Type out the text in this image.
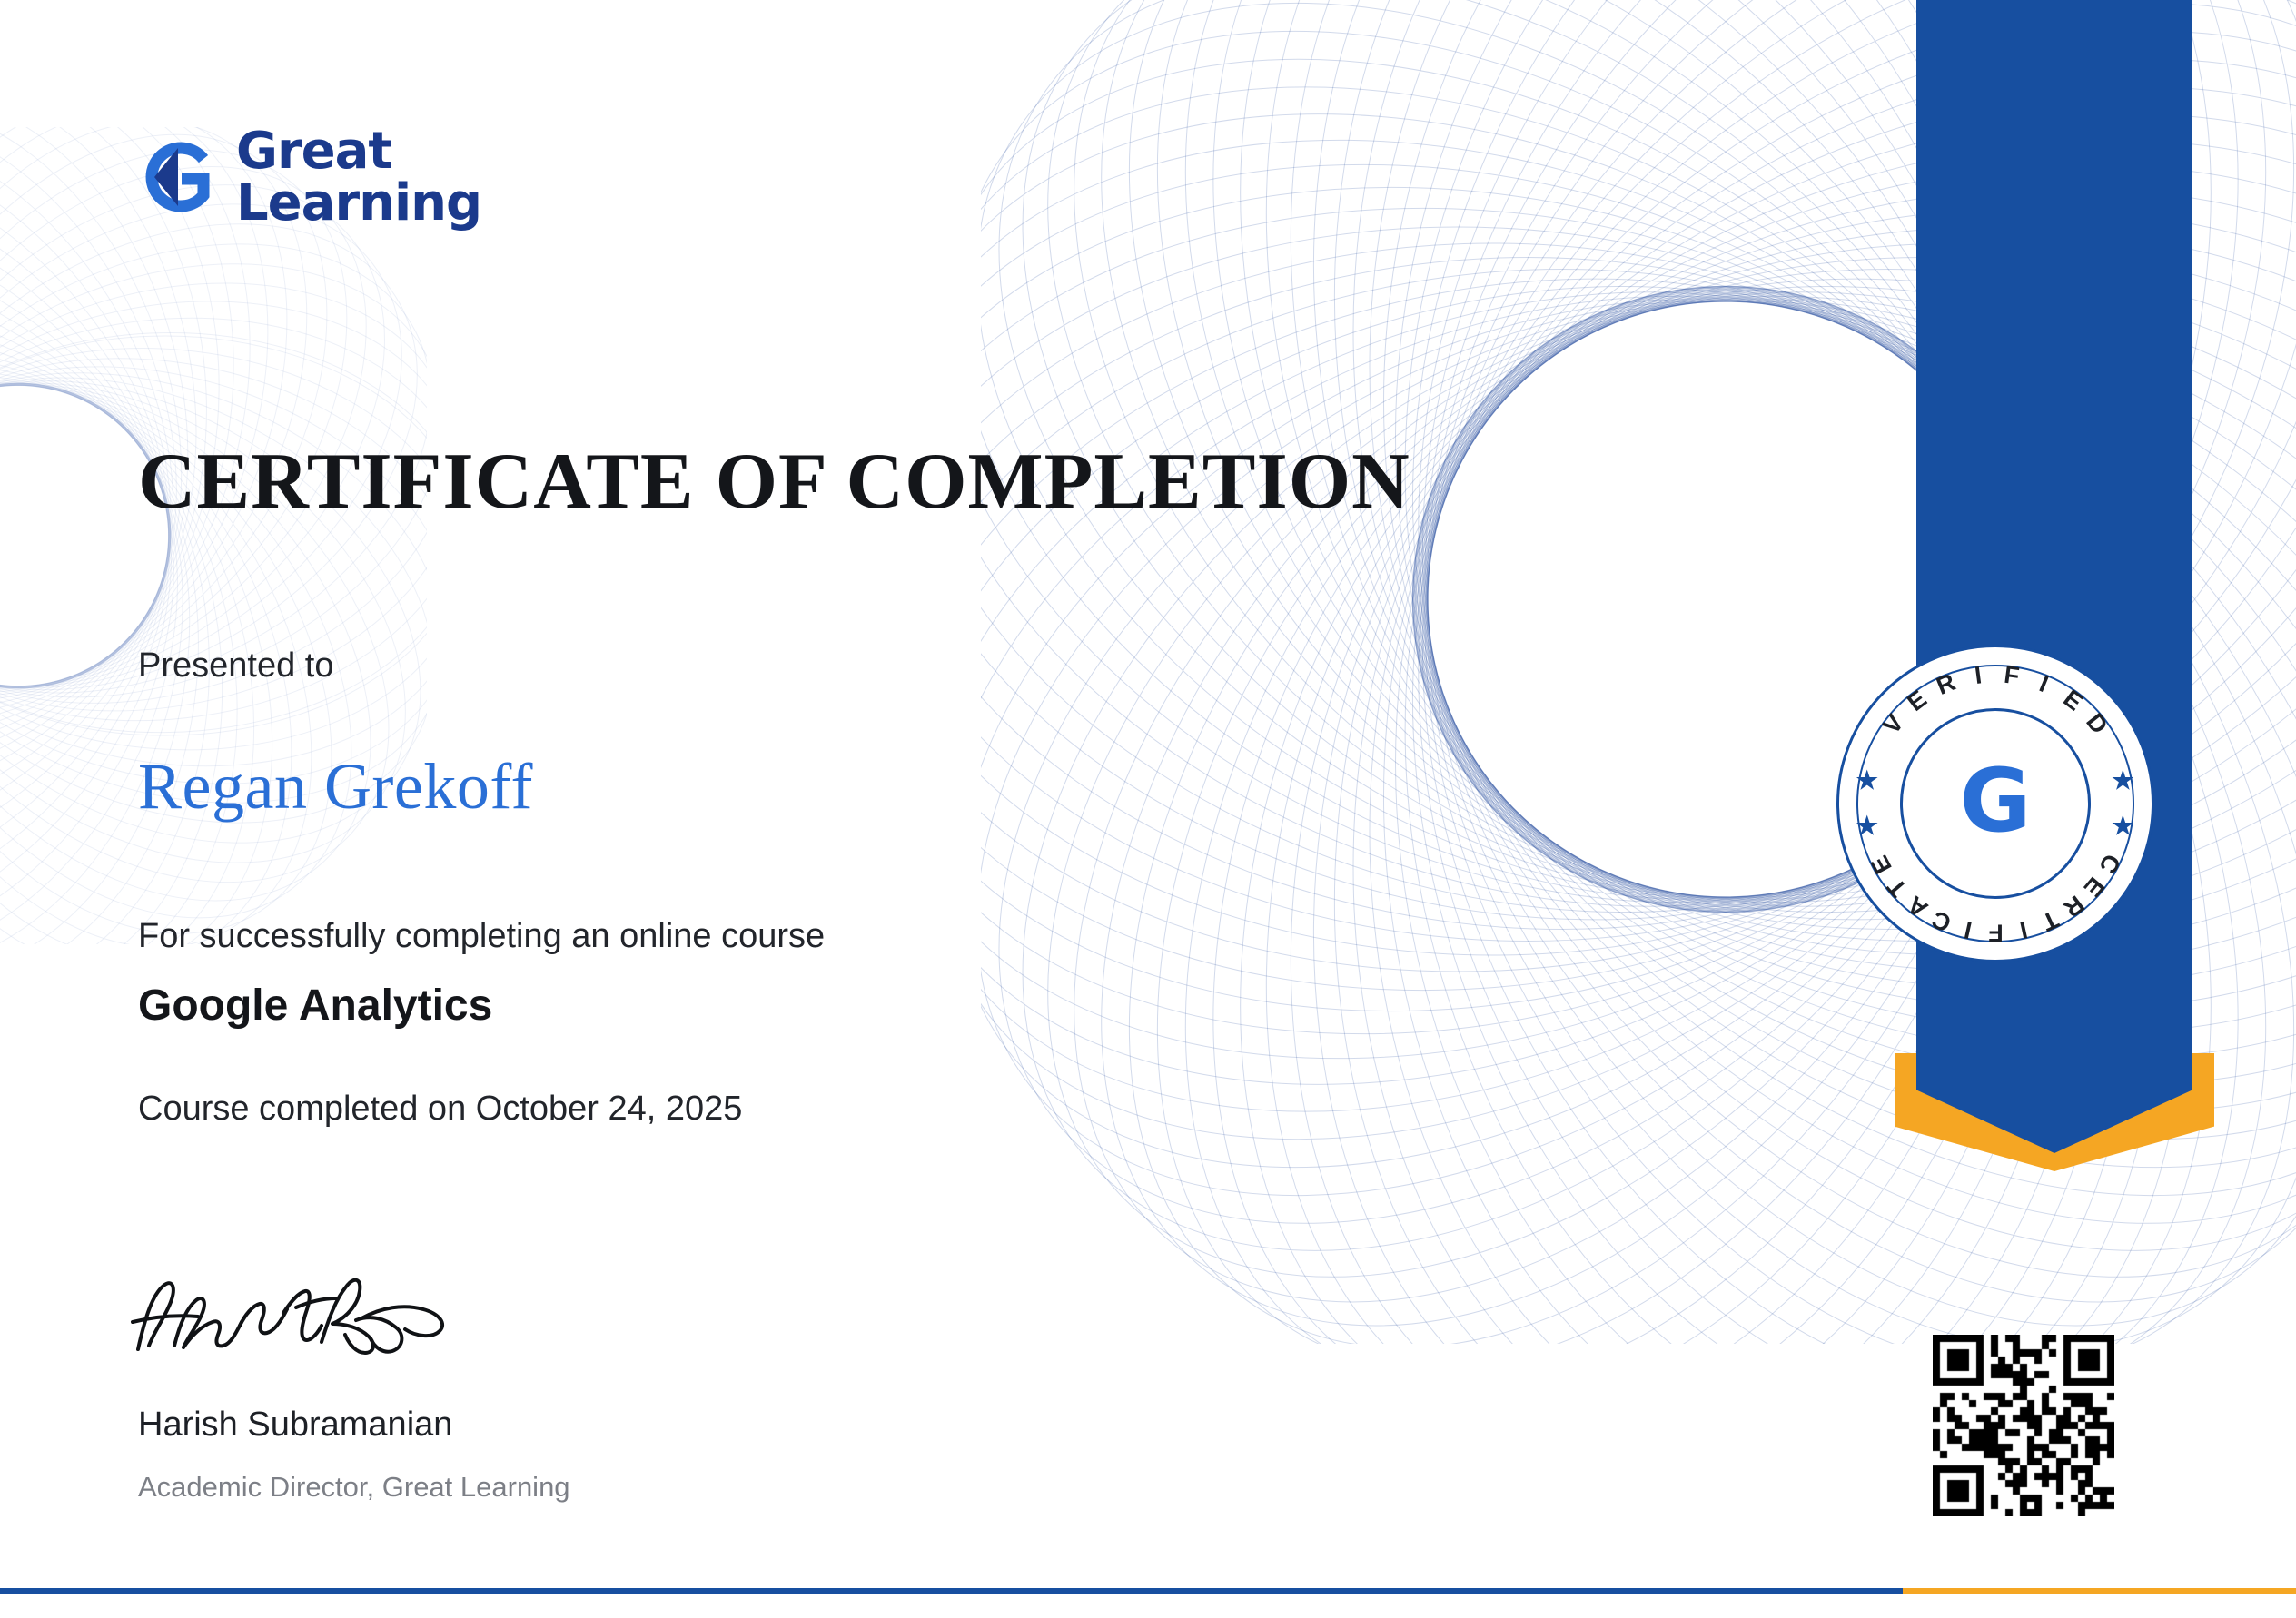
Great
Learning
CERTIFICATE OF COMPLETION
Presented to
Regan Grekoff
For successfully completing an online course
Google Analytics
Course completed on October 24, 2025
Harish Subramanian
Academic Director, Great Learning
V
E
R I F I
E
D
C
E
R
T
I
F
I
C
A
T
E
★
★	★
★
G
